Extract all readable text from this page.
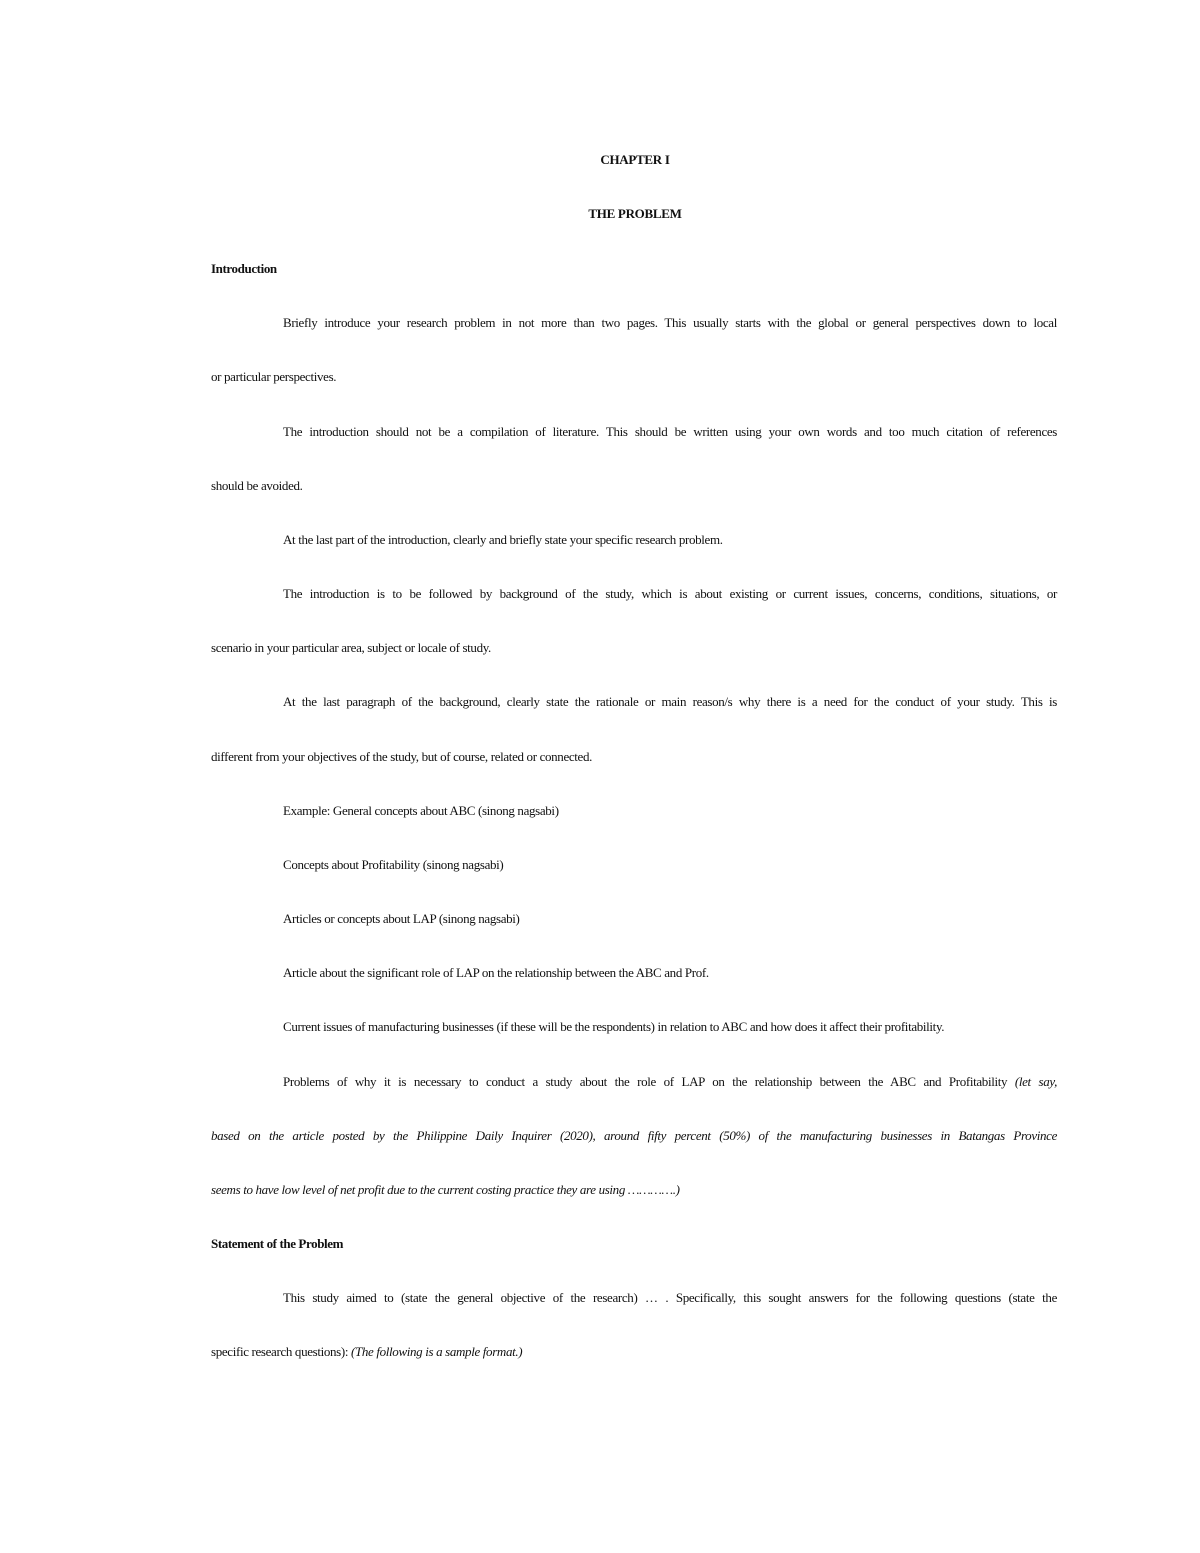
CHAPTER I
THE PROBLEM
Introduction
Briefly introduce your research problem in not more than two pages. This usually starts with the global or general perspectives down to local
or particular perspectives.
The introduction should not be a compilation of literature. This should be written using your own words and too much citation of references
should be avoided.
At the last part of the introduction, clearly and briefly state your specific research problem.
The introduction is to be followed by background of the study, which is about existing or current issues, concerns, conditions, situations, or
scenario in your particular area, subject or locale of study.
At the last paragraph of the background, clearly state the rationale or main reason/s why there is a need for the conduct of your study. This is
different from your objectives of the study, but of course, related or connected.
Example: General concepts about ABC (sinong nagsabi)
Concepts about Profitability (sinong nagsabi)
Articles or concepts about LAP (sinong nagsabi)
Article about the significant role of LAP on the relationship between the ABC and Prof.
Current issues of manufacturing businesses (if these will be the respondents) in relation to ABC and how does it affect their profitability.
Problems of why it is necessary to conduct a study about the role of LAP on the relationship between the ABC and Profitability (let say,
based on the article posted by the Philippine Daily Inquirer (2020), around fifty percent (50%) of the manufacturing businesses in Batangas Province
seems to have low level of net profit due to the current costing practice they are using ………….)
Statement of the Problem
This study aimed to (state the general objective of the research) … . Specifically, this sought answers for the following questions (state the
specific research questions): (The following is a sample format.)
